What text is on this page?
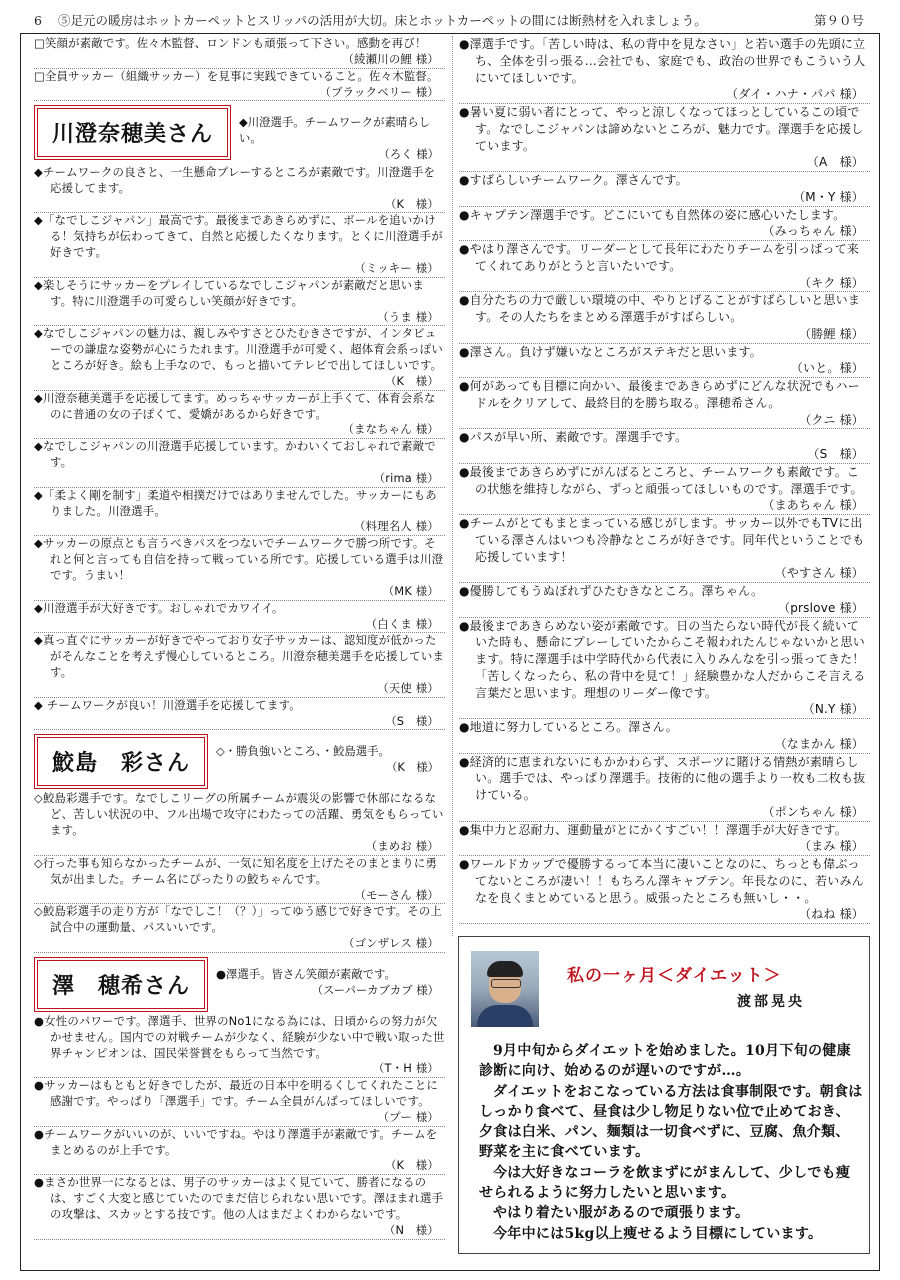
6 ⑤足元の暖房はホットカーペットとスリッパの活用が大切。床とホットカーペットの間には断熱材を入れましょう。	第９０号
□笑顔が素敵です。佐々木監督、ロンドンも頑張って下さい。感動を再び！
（綾瀬川の鯉 様）
□全員サッカー（組織サッカー）を見事に実践できていること。佐々木監督。
（ブラックベリー 様）
川澄奈穂美さん	◆川澄選手。チームワークが素晴らしい。
（ろく 様）
◆チームワークの良さと、一生懸命プレーするところが素敵です。川澄選手を応援してます。
（K　様）
◆「なでしこジャパン」最高です。最後まであきらめずに、ボールを追いかける！気持ちが伝わってきて、自然と応援したくなります。とくに川澄選手が好きです。
（ミッキー 様）
◆楽しそうにサッカーをプレイしているなでしこジャパンが素敵だと思います。特に川澄選手の可愛らしい笑顔が好きです。
（うま 様）
◆なでしこジャパンの魅力は、親しみやすさとひたむきさですが、インタビューでの謙虚な姿勢が心にうたれます。川澄選手が可愛く、超体育会系っぽいところが好き。絵も上手なので、もっと描いてテレビで出してほしいです。
（K　様）
◆川澄奈穂美選手を応援してます。めっちゃサッカーが上手くて、体育会系なのに普通の女の子ぽくて、愛嬌があるから好きです。
（まなちゃん 様）
◆なでしこジャパンの川澄選手応援しています。かわいくておしゃれで素敵です。
（rima 様）
◆「柔よく剛を制す」柔道や相撲だけではありませんでした。サッカーにもありました。川澄選手。
（料理名人 様）
◆サッカーの原点とも言うべきパスをつないでチームワークで勝つ所です。それと何と言っても自信を持って戦っている所です。応援している選手は川澄です。うまい！
（MK 様）
◆川澄選手が大好きです。おしゃれでカワイイ。
（白くま 様）
◆真っ直ぐにサッカーが好きでやっており女子サッカーは、認知度が低かったがそんなことを考えず慢心しているところ。川澄奈穂美選手を応援しています。
（天使 様）
◆ チームワークが良い！川澄選手を応援してます。
（S　様）
鮫島　彩さん	◇・勝負強いところ、・鮫島選手。
（K　様）
◇鮫島彩選手です。なでしこリーグの所属チームが震災の影響で休部になるなど、苦しい状況の中、フル出場で攻守にわたっての活躍、勇気をもらっています。
（まめお 様）
◇行った事も知らなかったチームが、一気に知名度を上げたそのまとまりに勇気が出ました。チーム名にぴったりの鮫ちゃんです。
（モーさん 様）
◇鮫島彩選手の走り方が「なでしこ！（？）」ってゆう感じで好きです。その上試合中の運動量、パスいいです。
（ゴンザレス 様）
澤　穂希さん	●澤選手。皆さん笑顔が素敵です。
（スーパーカブカブ 様）
●女性のパワーです。澤選手、世界のNo1になる為には、日頃からの努力が欠かせません。国内での対戦チームが少なく、経験が少ない中で戦い取った世界チャンピオンは、国民栄誉賞をもらって当然です。
（T・H 様）
●サッカーはもともと好きでしたが、最近の日本中を明るくしてくれたことに感謝です。やっぱり「澤選手」です。チーム全員がんばってほしいです。
（プー 様）
●チームワークがいいのが、いいですね。やはり澤選手が素敵です。チームをまとめるのが上手です。
（K　様）
●まさか世界一になるとは、男子のサッカーはよく見ていて、勝者になるのは、すごく大変と感じていたのでまだ信じられない思いです。澤ほまれ選手の攻撃は、スカッとする技です。他の人はまだよくわからないです。
（N　様）
●澤選手です。「苦しい時は、私の背中を見なさい」と若い選手の先頭に立ち、全体を引っ張る…会社でも、家庭でも、政治の世界でもこういう人にいてほしいです。
（ダイ・ハナ・パパ 様）
●暑い夏に弱い者にとって、やっと涼しくなってほっとしているこの頃です。なでしこジャパンは諦めないところが、魅力です。澤選手を応援しています。
（A　様）
●すばらしいチームワーク。澤さんです。
（M・Y 様）
●キャプテン澤選手です。どこにいても自然体の姿に感心いたします。
（みっちゃん 様）
●やはり澤さんです。リーダーとして長年にわたりチームを引っぱって来てくれてありがとうと言いたいです。
（キク 様）
●自分たちの力で厳しい環境の中、やりとげることがすばらしいと思います。その人たちをまとめる澤選手がすばらしい。
（勝鯉 様）
●澤さん。負けず嫌いなところがステキだと思います。
（いと。様）
●何があっても目標に向かい、最後まであきらめずにどんな状況でもハードルをクリアして、最終目的を勝ち取る。澤穂希さん。
（クニ 様）
●パスが早い所、素敵です。澤選手です。
（S　様）
●最後まであきらめずにがんばるところと、チームワークも素敵です。この状態を維持しながら、ずっと頑張ってほしいものです。澤選手です。
（まあちゃん 様）
●チームがとてもまとまっている感じがします。サッカー以外でもTVに出ている澤さんはいつも冷静なところが好きです。同年代ということでも応援しています！
（やすさん 様）
●優勝してもうぬぼれずひたむきなところ。澤ちゃん。
（prslove 様）
●最後まであきらめない姿が素敵です。日の当たらない時代が長く続いていた時も、懸命にプレーしていたからこそ報われたんじゃないかと思います。特に澤選手は中学時代から代表に入りみんなを引っ張ってきた！「苦しくなったら、私の背中を見て！」経験豊かな人だからこそ言える言葉だと思います。理想のリーダー像です。
（N.Y 様）
●地道に努力しているところ。澤さん。
（なまかん 様）
●経済的に恵まれないにもかかわらず、スポーツに賭ける情熱が素晴らしい。選手では、やっぱり澤選手。技術的に他の選手より一枚も二枚も抜けている。
（ポンちゃん 様）
●集中力と忍耐力、運動量がとにかくすごい！！澤選手が大好きです。
（まみ 様）
●ワールドカップで優勝するって本当に凄いことなのに、ちっとも偉ぶってないところが凄い！！もちろん澤キャプテン。年長なのに、若いみんなを良くまとめていると思う。威張ったところも無いし・・。
（ねね 様）
私の一ヶ月＜ダイエット＞
渡部晃央

9月中旬からダイエットを始めました。10月下旬の健康診断に向け、始めるのが遅いのですが…。

ダイエットをおこなっている方法は食事制限です。朝食はしっかり食べて、昼食は少し物足りない位で止めておき、夕食は白米、パン、麺類は一切食べずに、豆腐、魚介類、野菜を主に食べています。

今は大好きなコーラを飲まずにがまんして、少しでも痩せられるように努力したいと思います。

やはり着たい服があるので頑張ります。

今年中には5kg以上痩せるよう目標にしています。
